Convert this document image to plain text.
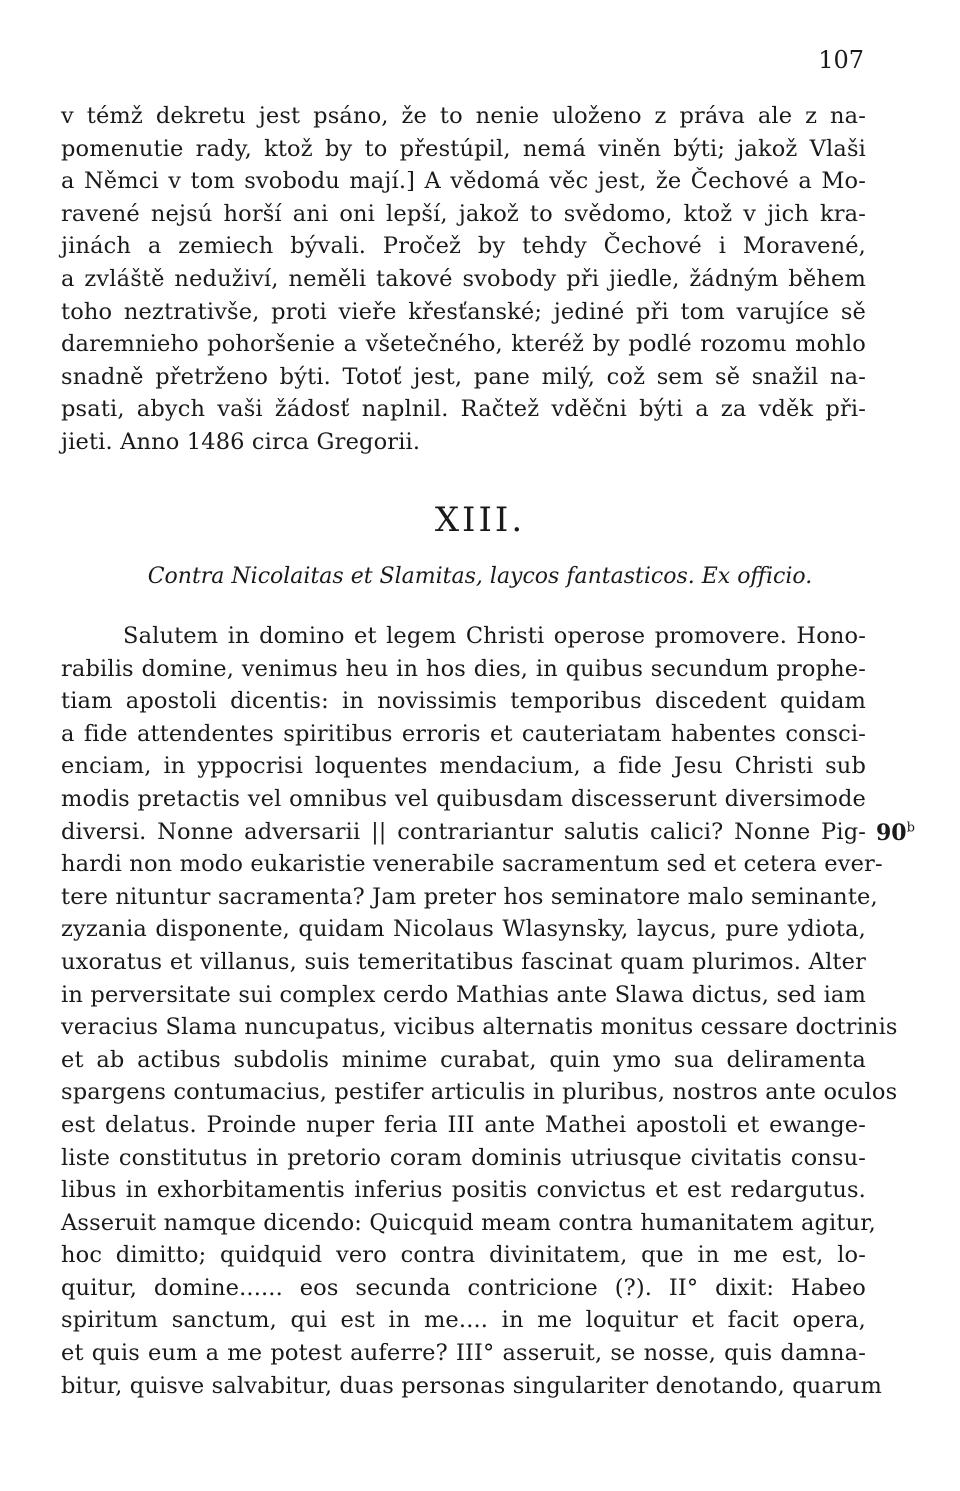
107
v témž dekretu jest psáno, že to nenie uloženo z práva ale z na-
pomenutie rady, ktož by to přestúpil, nemá viněn býti; jakož Vlaši
a Němci v tom svobodu mají.] A vědomá věc jest, že Čechové a Mo-
ravené nejsú horší ani oni lepší, jakož to svědomo, ktož v jich kra-
jinách a zemiech bývali. Pročež by tehdy Čechové i Moravené,
a zvláště neduživí, neměli takové svobody při jiedle, žádným během
toho neztrativše, proti vieře křesťanské; jediné při tom varujíce sě
daremnieho pohoršenie a všetečného, kteréž by podlé rozomu mohlo
snadně přetrženo býti. Totoť jest, pane milý, což sem sě snažil na-
psati, abych vaši žádosť naplnil. Račtež vděčni býti a za vděk při-
jieti. Anno 1486 circa Gregorii.
XIII.
Contra Nicolaitas et Slamitas, laycos fantasticos. Ex officio.
90$^b$
Salutem in domino et legem Christi operose promovere. Hono-
rabilis domine, venimus heu in hos dies, in quibus secundum prophe-
tiam apostoli dicentis: in novissimis temporibus discedent quidam
a fide attendentes spiritibus erroris et cauteriatam habentes consci-
enciam, in yppocrisi loquentes mendacium, a fide Jesu Christi sub
modis pretactis vel omnibus vel quibusdam discesserunt diversimode
diversi. Nonne adversarii || contrariantur salutis calici? Nonne Pig-
hardi non modo eukaristie venerabile sacramentum sed et cetera ever-
tere nituntur sacramenta? Jam preter hos seminatore malo seminante,
zyzania disponente, quidam Nicolaus Wlasynsky, laycus, pure ydiota,
uxoratus et villanus, suis temeritatibus fascinat quam plurimos. Alter
in perversitate sui complex cerdo Mathias ante Slawa dictus, sed iam
veracius Slama nuncupatus, vicibus alternatis monitus cessare doctrinis
et ab actibus subdolis minime curabat, quin ymo sua deliramenta
spargens contumacius, pestifer articulis in pluribus, nostros ante oculos
est delatus. Proinde nuper feria III ante Mathei apostoli et ewange-
liste constitutus in pretorio coram dominis utriusque civitatis consu-
libus in exhorbitamentis inferius positis convictus et est redargutus.
Asseruit namque dicendo: Quicquid meam contra humanitatem agitur,
hoc dimitto; quidquid vero contra divinitatem, que in me est, lo-
quitur, domine...... eos secunda contricione (?). II° dixit: Habeo
spiritum sanctum, qui est in me.... in me loquitur et facit opera,
et quis eum a me potest auferre? III° asseruit, se nosse, quis damna-
bitur, quisve salvabitur, duas personas singulariter denotando, quarum
